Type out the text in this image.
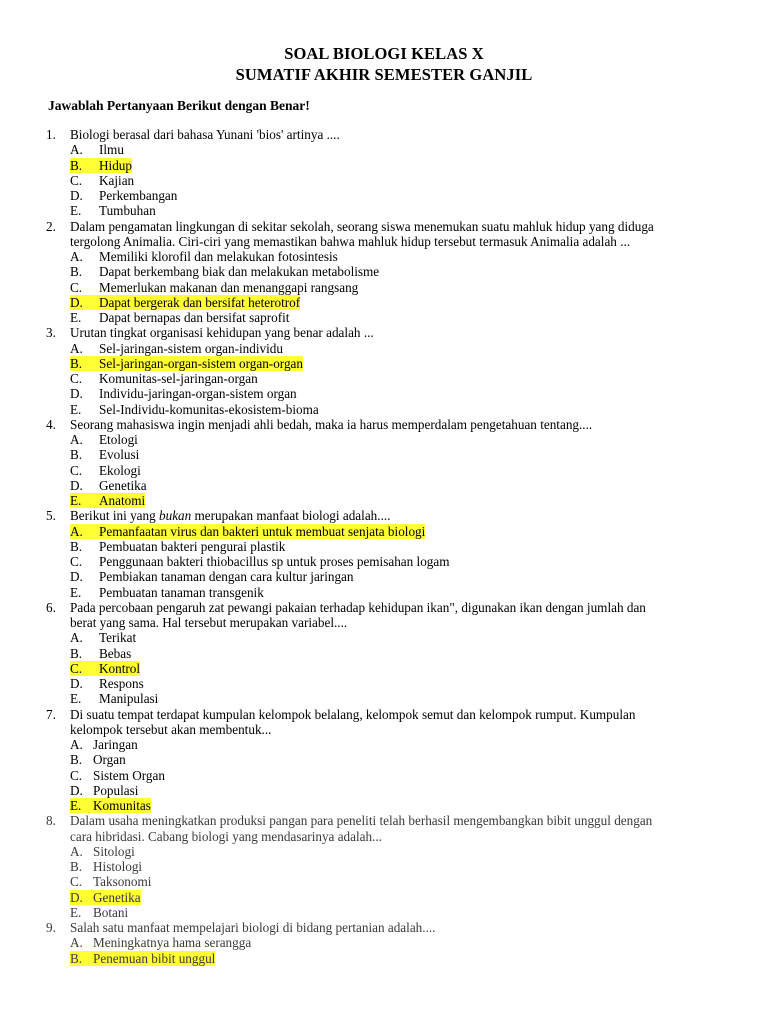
SOAL BIOLOGI KELAS X
SUMATIF AKHIR SEMESTER GANJIL
Jawablah Pertanyaan Berikut dengan Benar!
1.	Biologi berasal dari bahasa Yunani 'bios' artinya ....
A.	Ilmu
B.	Hidup
C.	Kajian
D.	Perkembangan
E.	Tumbuhan
2.	Dalam pengamatan lingkungan di sekitar sekolah, seorang siswa menemukan suatu mahluk hidup yang diduga
tergolong Animalia. Ciri-ciri yang memastikan bahwa mahluk hidup tersebut termasuk Animalia adalah ...
A.	Memiliki klorofil dan melakukan fotosintesis
B.	Dapat berkembang biak dan melakukan metabolisme
C.	Memerlukan makanan dan menanggapi rangsang
D.	Dapat bergerak dan bersifat heterotrof
E.	Dapat bernapas dan bersifat saprofit
3.	Urutan tingkat organisasi kehidupan yang benar adalah ...
A.	Sel-jaringan-sistem organ-individu
B.	Sel-jaringan-organ-sistem organ-organ
C.	Komunitas-sel-jaringan-organ
D.	Individu-jaringan-organ-sistem organ
E.	Sel-Individu-komunitas-ekosistem-bioma
4.	Seorang mahasiswa ingin menjadi ahli bedah, maka ia harus memperdalam pengetahuan tentang....
A.	Etologi
B.	Evolusi
C.	Ekologi
D.	Genetika
E.	Anatomi
5.	Berikut ini yang bukan merupakan manfaat biologi adalah....
A.	Pemanfaatan virus dan bakteri untuk membuat senjata biologi
B.	Pembuatan bakteri pengurai plastik
C.	Penggunaan bakteri thiobacillus sp untuk proses pemisahan logam
D.	Pembiakan tanaman dengan cara kultur jaringan
E.	Pembuatan tanaman transgenik
6.	Pada percobaan pengaruh zat pewangi pakaian terhadap kehidupan ikan", digunakan ikan dengan jumlah dan
berat yang sama. Hal tersebut merupakan variabel....
A.	Terikat
B.	Bebas
C.	Kontrol
D.	Respons
E.	Manipulasi
7.	Di suatu tempat terdapat kumpulan kelompok belalang, kelompok semut dan kelompok rumput. Kumpulan
kelompok tersebut akan membentuk...
A. Jaringan
B. Organ
C. Sistem Organ
D. Populasi
E. Komunitas
8.	Dalam usaha meningkatkan produksi pangan para peneliti telah berhasil mengembangkan bibit unggul dengan
cara hibridasi. Cabang biologi yang mendasarinya adalah...
A. Sitologi
B. Histologi
C. Taksonomi
D. Genetika
E. Botani
9.	Salah satu manfaat mempelajari biologi di bidang pertanian adalah....
A. Meningkatnya hama serangga
B. Penemuan bibit unggul
